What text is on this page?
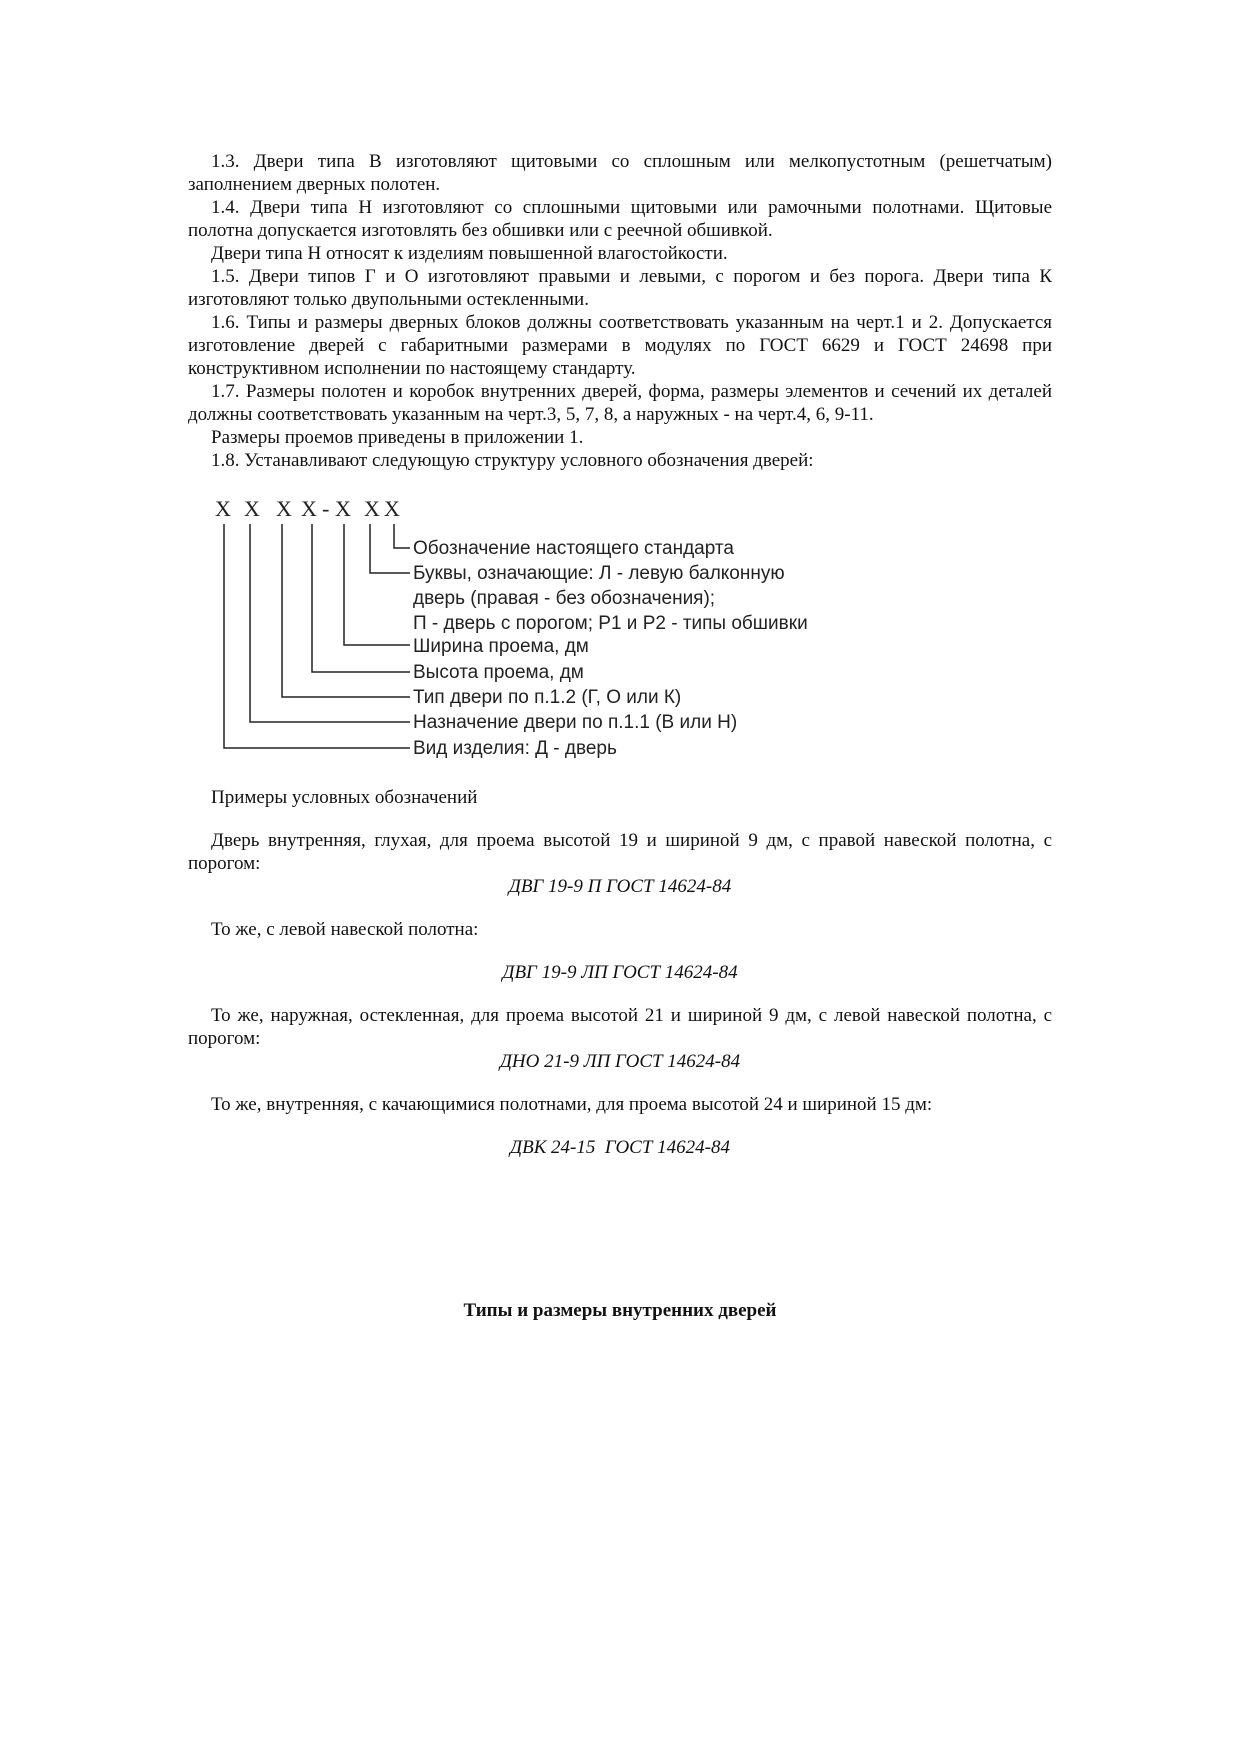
1.3. Двери типа В изготовляют щитовыми со сплошным или мелкопустотным (решетчатым) заполнением дверных полотен.

1.4. Двери типа Н изготовляют со сплошными щитовыми или рамочными полотнами. Щитовые полотна допускается изготовлять без обшивки или с реечной обшивкой.

Двери типа Н относят к изделиям повышенной влагостойкости.

1.5. Двери типов Г и О изготовляют правыми и левыми, с порогом и без порога. Двери типа К изготовляют только двупольными остекленными.

1.6. Типы и размеры дверных блоков должны соответствовать указанным на черт.1 и 2. Допускается изготовление дверей с габаритными размерами в модулях по ГОСТ 6629 и ГОСТ 24698 при конструктивном исполнении по настоящему стандарту.

1.7. Размеры полотен и коробок внутренних дверей, форма, размеры элементов и сечений их деталей должны соответствовать указанным на черт.3, 5, 7, 8, а наружных - на черт.4, 6, 9-11.

Размеры проемов приведены в приложении 1.

1.8. Устанавливают следующую структуру условного обозначения дверей:

X X X X - X X X
Обозначение настоящего стандарта
Буквы, означающие: Л - левую балконную
дверь (правая - без обозначения);
П - дверь с порогом; Р1 и Р2 - типы обшивки
Ширина проема, дм
Высота проема, дм
Тип двери по п.1.2 (Г, О или К)
Назначение двери по п.1.1 (В или Н)
Вид изделия: Д - дверь

Примеры условных обозначений

Дверь внутренняя, глухая, для проема высотой 19 и шириной 9 дм, с правой навеской полотна, с порогом:

ДВГ 19-9 П ГОСТ 14624-84

То же, с левой навеской полотна:

ДВГ 19-9 ЛП ГОСТ 14624-84

То же, наружная, остекленная, для проема высотой 21 и шириной 9 дм, с левой навеской полотна, с порогом:

ДНО 21-9 ЛП ГОСТ 14624-84

То же, внутренняя, с качающимися полотнами, для проема высотой 24 и шириной 15 дм:

ДВК 24-15  ГОСТ 14624-84

Типы и размеры внутренних дверей
